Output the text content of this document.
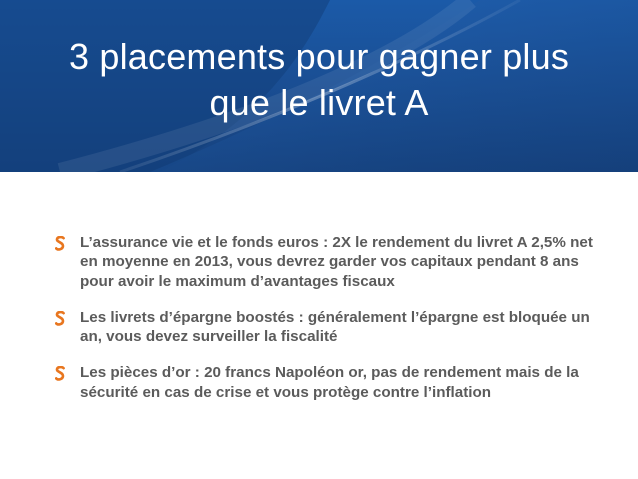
3 placements pour gagner plus
que le livret A
L’assurance vie et le fonds euros : 2X le rendement du livret A 2,5% net en moyenne en 2013, vous devrez garder vos capitaux pendant 8 ans pour avoir le maximum d’avantages fiscaux
Les livrets d’épargne boostés : généralement l’épargne est bloquée un an, vous devez surveiller la fiscalité
Les pièces d’or : 20 francs Napoléon or, pas de rendement mais de la sécurité en cas de crise et vous protège contre l’inflation
